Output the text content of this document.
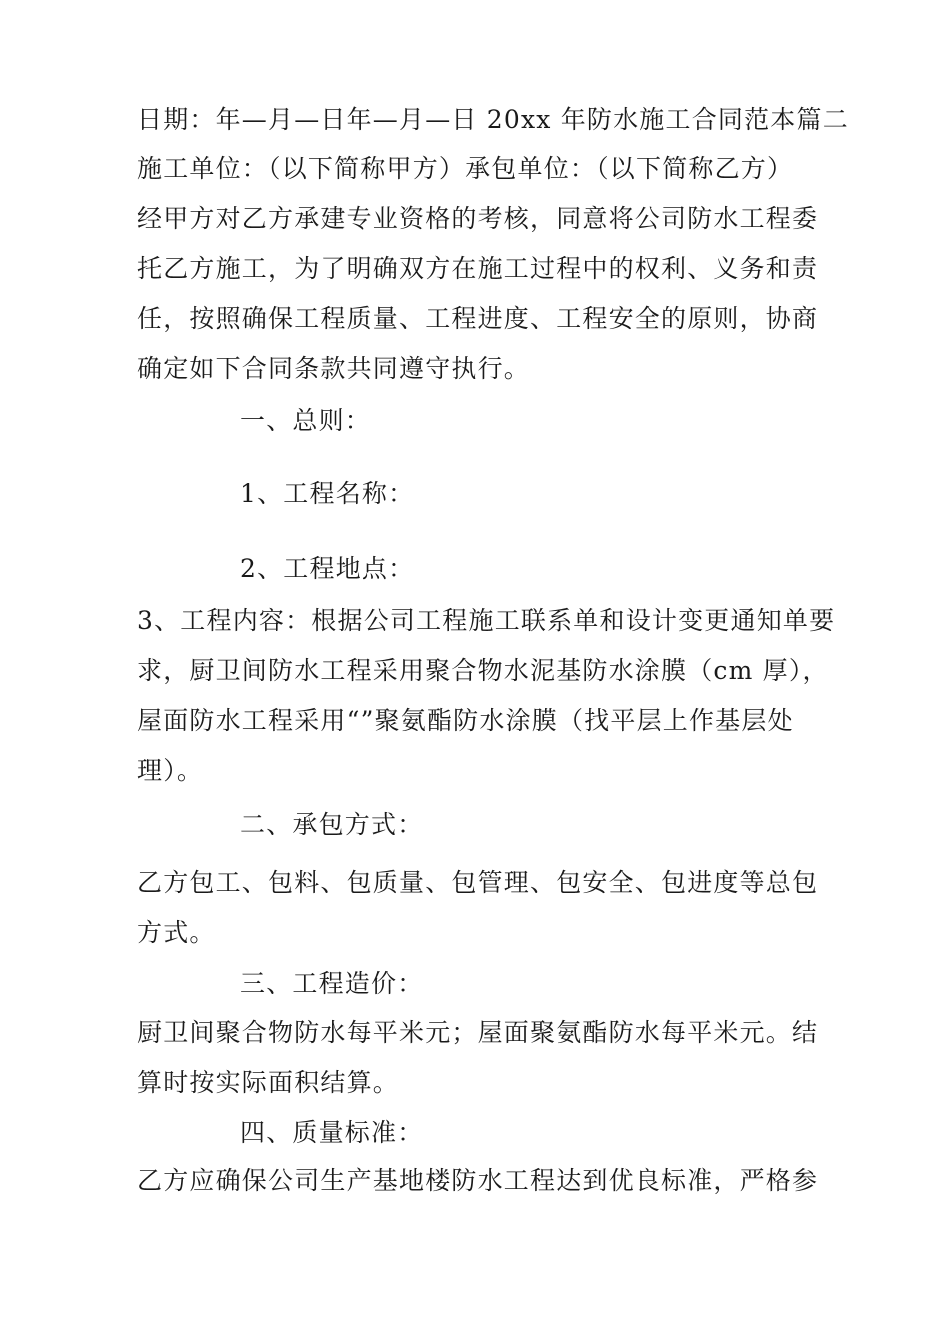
日期：年—月—日年—月—日 20xx 年防水施工合同范本篇二
施工单位：（以下简称甲方）承包单位：（以下简称乙方）
经甲方对乙方承建专业资格的考核，同意将公司防水工程委
托乙方施工，为了明确双方在施工过程中的权利、义务和责
任，按照确保工程质量、工程进度、工程安全的原则，协商
确定如下合同条款共同遵守执行。
一、总则：
1、工程名称：
2、工程地点：
3、工程内容：根据公司工程施工联系单和设计变更通知单要
求，厨卫间防水工程采用聚合物水泥基防水涂膜（cm 厚），
屋面防水工程采用“”聚氨酯防水涂膜（找平层上作基层处
理）。
二、承包方式：
乙方包工、包料、包质量、包管理、包安全、包进度等总包
方式。
三、工程造价：
厨卫间聚合物防水每平米元；屋面聚氨酯防水每平米元。结
算时按实际面积结算。
四、质量标准：
乙方应确保公司生产基地楼防水工程达到优良标准，严格参
